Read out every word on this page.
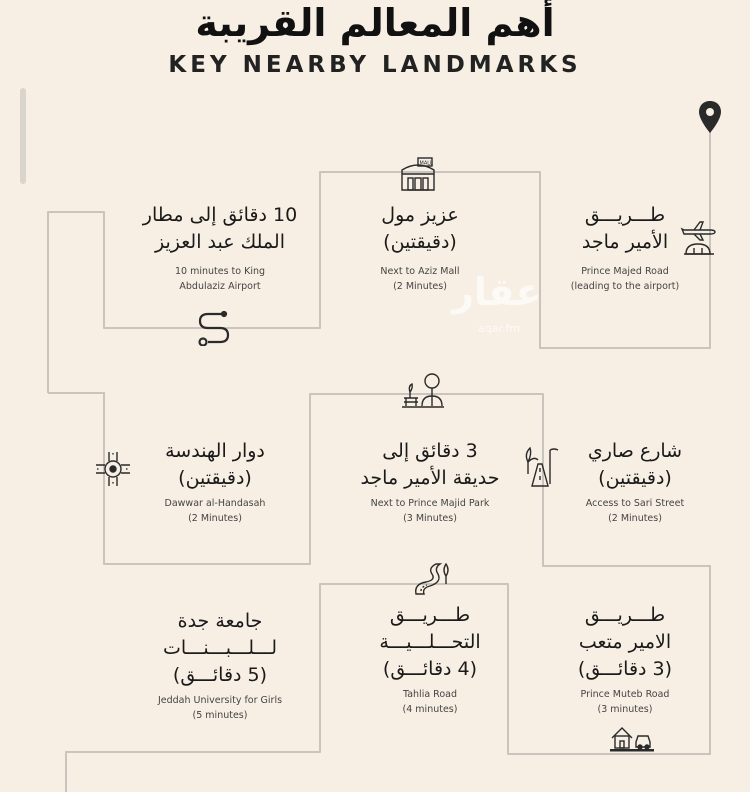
أهم المعالم القريبة
KEY NEARBY LANDMARKS
عقار
aqar.fm
طـــريـــق
الأمير ماجد
Prince Majed Road
(leading to the airport)
عزيز مول
(دقيقتين)
Next to Aziz Mall
(2 Minutes)
MALL
10 دقائق إلى مطار
الملك عبد العزيز
10 minutes to King
Abdulaziz Airport
شارع صاري
(دقيقتين)
Access to Sari Street
(2 Minutes)
3 دقائق إلى
حديقة الأمير ماجد
Next to Prince Majid Park
(3 Minutes)
دوار الهندسة
(دقيقتين)
Dawwar al-Handasah
(2 Minutes)
طـــريـــق
الامير متعب
(3 دقائـــق)
Prince Muteb Road
(3 minutes)
طـــريـــق
التحـــلـــيـــة
(4 دقائـــق)
Tahlia Road
(4 minutes)
جامعة جدة
لـــلـــبـــنـــات
(5 دقائـــق)
Jeddah University for Girls
(5 minutes)
